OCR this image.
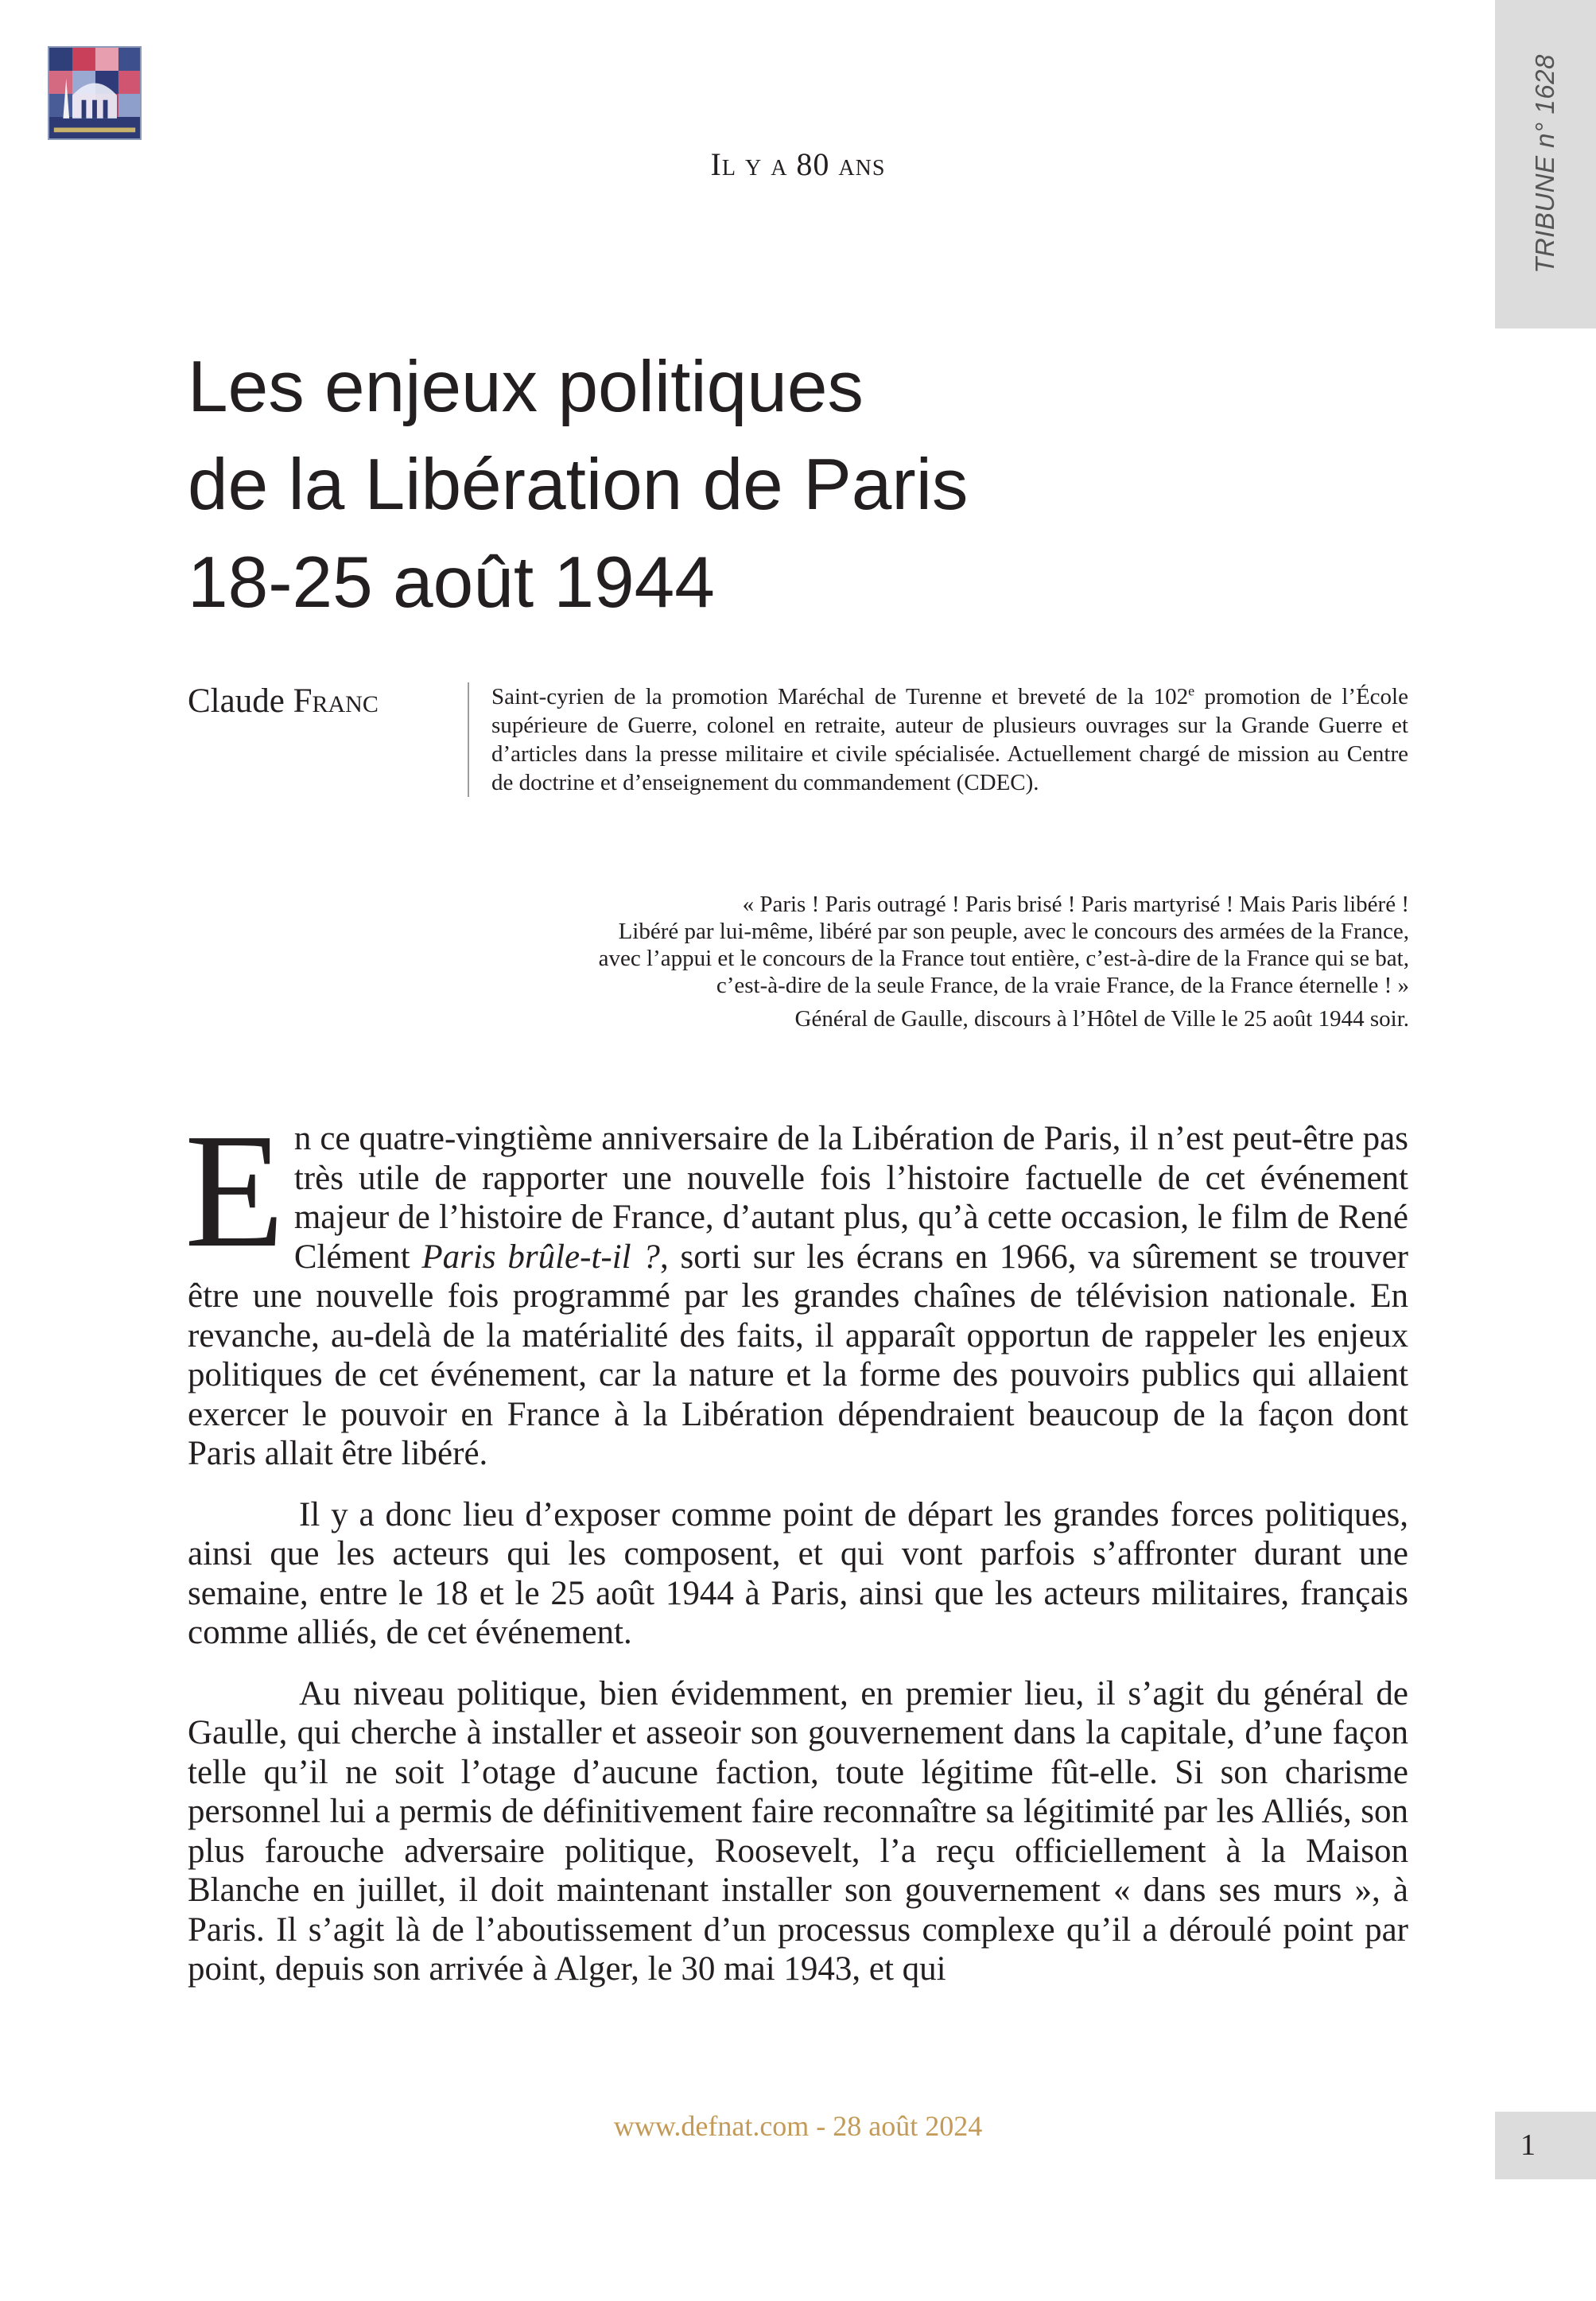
TRIBUNE n° 1628
Il y a 80 ans
Les enjeux politiques
de la Libération de Paris
18-25 août 1944
Claude Franc	Saint-cyrien de la promotion Maréchal de Turenne et breveté de la 102e promotion de l’École supérieure de Guerre, colonel en retraite, auteur de plusieurs ouvrages sur la Grande Guerre et d’articles dans la presse militaire et civile spécialisée. Actuellement chargé de mission au Centre de doctrine et d’enseignement du commandement (CDEC).
« Paris ! Paris outragé ! Paris brisé ! Paris martyrisé ! Mais Paris libéré !
Libéré par lui-même, libéré par son peuple, avec le concours des armées de la France,
avec l’appui et le concours de la France tout entière, c’est-à-dire de la France qui se bat,
c’est-à-dire de la seule France, de la vraie France, de la France éternelle ! »
Général de Gaulle, discours à l’Hôtel de Ville le 25 août 1944 soir.

En ce quatre-vingtième anniversaire de la Libération de Paris, il n’est peut-être pas très utile de rapporter une nouvelle fois l’histoire factuelle de cet événement majeur de l’histoire de France, d’autant plus, qu’à cette occasion, le film de René Clément Paris brûle-t-il ?, sorti sur les écrans en 1966, va sûrement se trouver être une nouvelle fois programmé par les grandes chaînes de télévision nationale. En revanche, au-delà de la matérialité des faits, il apparaît opportun de rappeler les enjeux politiques de cet événement, car la nature et la forme des pouvoirs publics qui allaient exercer le pouvoir en France à la Libération dépendraient beaucoup de la façon dont Paris allait être libéré.

Il y a donc lieu d’exposer comme point de départ les grandes forces politiques, ainsi que les acteurs qui les composent, et qui vont parfois s’affronter durant une semaine, entre le 18 et le 25 août 1944 à Paris, ainsi que les acteurs militaires, français comme alliés, de cet événement.

Au niveau politique, bien évidemment, en premier lieu, il s’agit du général de Gaulle, qui cherche à installer et asseoir son gouvernement dans la capitale, d’une façon telle qu’il ne soit l’otage d’aucune faction, toute légitime fût-elle. Si son charisme personnel lui a permis de définitivement faire reconnaître sa légitimité par les Alliés, son plus farouche adversaire politique, Roosevelt, l’a reçu officiellement à la Maison Blanche en juillet, il doit maintenant installer son gouvernement « dans ses murs », à Paris. Il s’agit là de l’aboutissement d’un processus complexe qu’il a déroulé point par point, depuis son arrivée à Alger, le 30 mai 1943, et qui

www.defnat.com - 28 août 2024
1
